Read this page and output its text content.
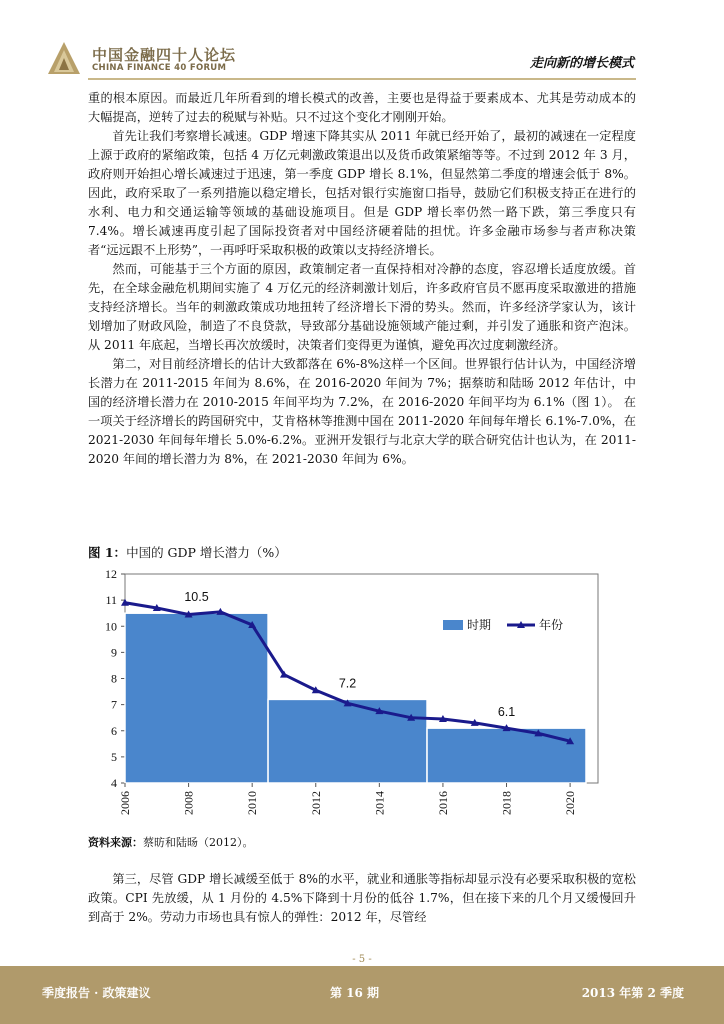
中国金融四十人论坛
CHINA FINANCE 40 FORUM	走向新的增长模式

重的根本原因。而最近几年所看到的增长模式的改善，主要也是得益于要素成本、尤其是劳动成本的大幅提高，逆转了过去的税赋与补贴。只不过这个变化才刚刚开始。

首先让我们考察增长减速。GDP 增速下降其实从 2011 年就已经开始了，最初的减速在一定程度上源于政府的紧缩政策，包括 4 万亿元刺激政策退出以及货币政策紧缩等等。不过到 2012 年 3 月，政府则开始担心增长减速过于迅速，第一季度 GDP 增长 8.1%，但显然第二季度的增速会低于 8%。因此，政府采取了一系列措施以稳定增长，包括对银行实施窗口指导，鼓励它们积极支持正在进行的水利、电力和交通运输等领域的基础设施项目。但是 GDP 增长率仍然一路下跌，第三季度只有 7.4%。增长减速再度引起了国际投资者对中国经济硬着陆的担忧。许多金融市场参与者声称决策者“远远跟不上形势”，一再呼吁采取积极的政策以支持经济增长。

然而，可能基于三个方面的原因，政策制定者一直保持相对冷静的态度，容忍增长适度放缓。首先，在全球金融危机期间实施了 4 万亿元的经济刺激计划后，许多政府官员不愿再度采取激进的措施支持经济增长。当年的刺激政策成功地扭转了经济增长下滑的势头。然而，许多经济学家认为，该计划增加了财政风险，制造了不良贷款，导致部分基础设施领域产能过剩，并引发了通胀和资产泡沫。从 2011 年底起，当增长再次放缓时，决策者们变得更为谨慎，避免再次过度刺激经济。

第二，对目前经济增长的估计大致都落在 6%-8%这样一个区间。世界银行估计认为，中国经济增长潜力在 2011-2015 年间为 8.6%，在 2016-2020 年间为 7%；据蔡昉和陆旸 2012 年估计，中国的经济增长潜力在 2010-2015 年间平均为 7.2%，在 2016-2020 年间平均为 6.1%（图 1）。 在一项关于经济增长的跨国研究中，艾肯格林等推测中国在 2011-2020 年间每年增长 6.1%-7.0%，在 2021-2030 年间每年增长 5.0%-6.2%。亚洲开发银行与北京大学的联合研究估计也认为，在 2011-2020 年间的增长潜力为 8%，在 2021-2030 年间为 6%。

图 1：中国的 GDP 增长潜力（%）
4
5
6
7
8
9
10
11
12
10.5
7.2
6.1
2006	2008	2010	2012	2014	2016	2018	2020
时期	年份
资料来源：蔡昉和陆旸（2012）。

第三，尽管 GDP 增长减缓至低于 8%的水平，就业和通胀等指标却显示没有必要采取积极的宽松政策。CPI 先放缓，从 1 月份的 4.5%下降到十月份的低谷 1.7%，但在接下来的几个月又缓慢回升到高于 2%。劳动力市场也具有惊人的弹性：2012 年，尽管经

- 5 -
季度报告 · 政策建议	第 16 期	2013 年第 2 季度
